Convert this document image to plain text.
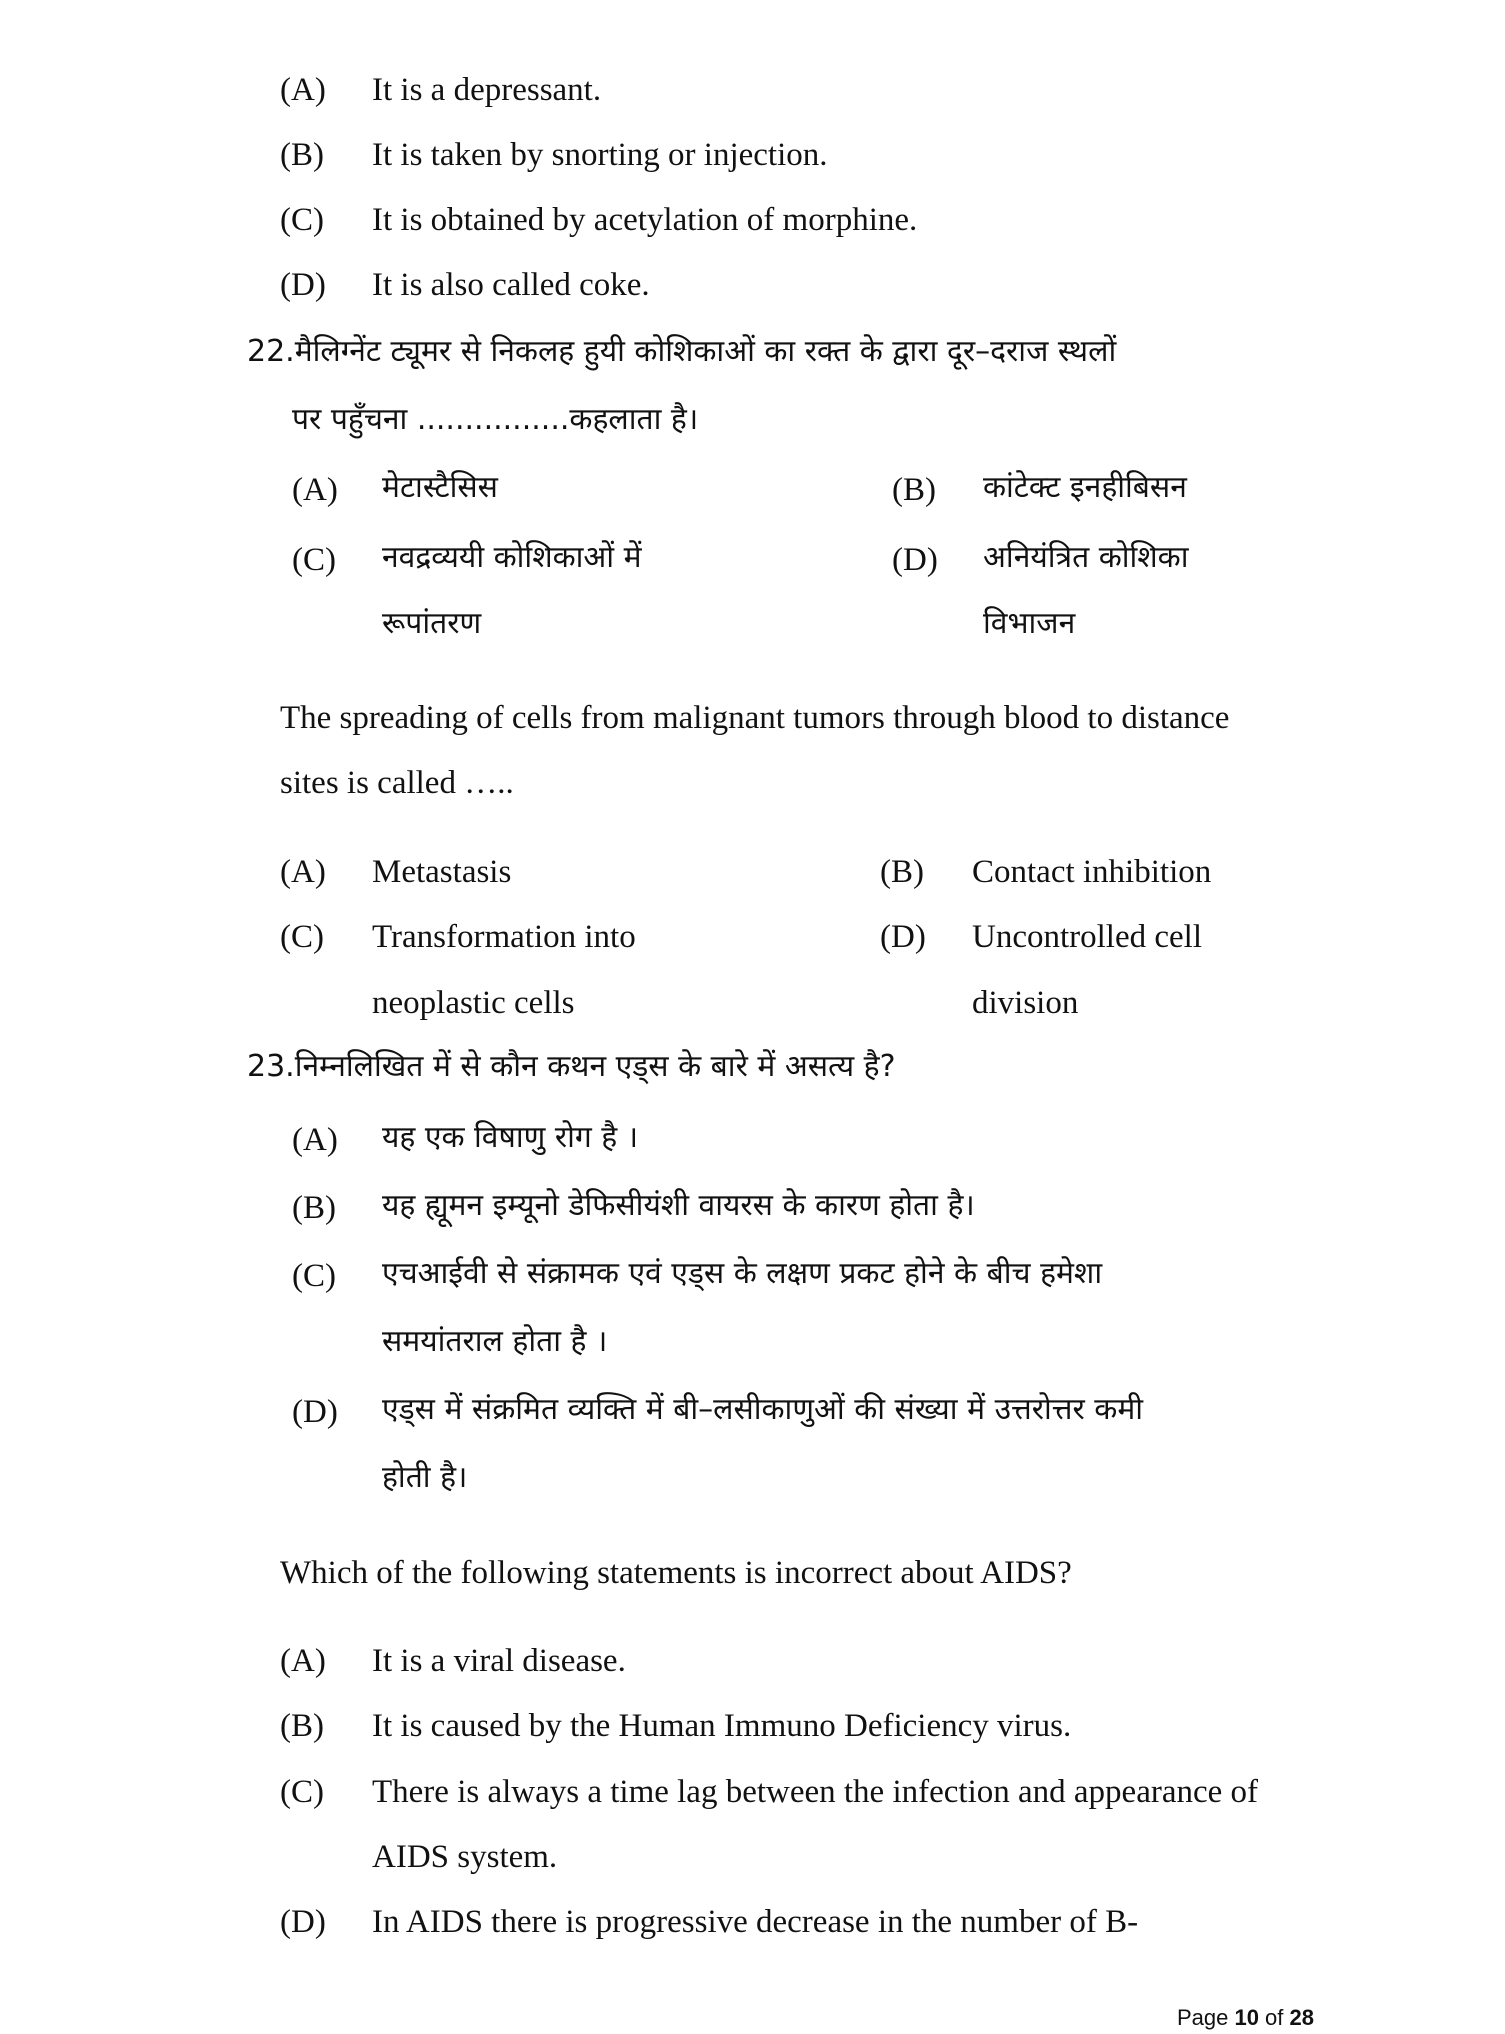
(A) It is a depressant.
(B) It is taken by snorting or injection.
(C) It is obtained by acetylation of morphine.
(D) It is also called coke.
22.मैलिग्नेंट ट्यूमर से निकलह हुयी कोशिकाओं का रक्त के द्वारा दूर–दराज स्थलों
पर पहुँचना ................कहलाता है।
(A) मेटास्टैसिस	(B) कांटेक्ट इनहीबिसन
(C) नवद्रव्ययी कोशिकाओं में
रूपांतरण
(D) अनियंत्रित कोशिका
विभाजन
The spreading of cells from malignant tumors through blood to distance
sites is called …..
(A) Metastasis	(B) Contact inhibition
(C) Transformation into
neoplastic cells
(D) Uncontrolled cell
division
23.निम्नलिखित में से कौन कथन एड्स के बारे में असत्य है?
(A) यह एक विषाणु रोग है ।
(B) यह ह्यूमन इम्यूनो डेफिसीयंशी वायरस के कारण होता है।
(C) एचआईवी से संक्रामक एवं एड्स के लक्षण प्रकट होने के बीच हमेशा
समयांतराल होता है ।
(D) एड्स में संक्रमित व्यक्ति में बी–लसीकाणुओं की संख्या में उत्तरोत्तर कमी
होती है।
Which of the following statements is incorrect about AIDS?
(A) It is a viral disease.
(B) It is caused by the Human Immuno Deficiency virus.
(C) There is always a time lag between the infection and appearance of
AIDS system.
(D) In AIDS there is progressive decrease in the number of B-
Page 10 of 28
